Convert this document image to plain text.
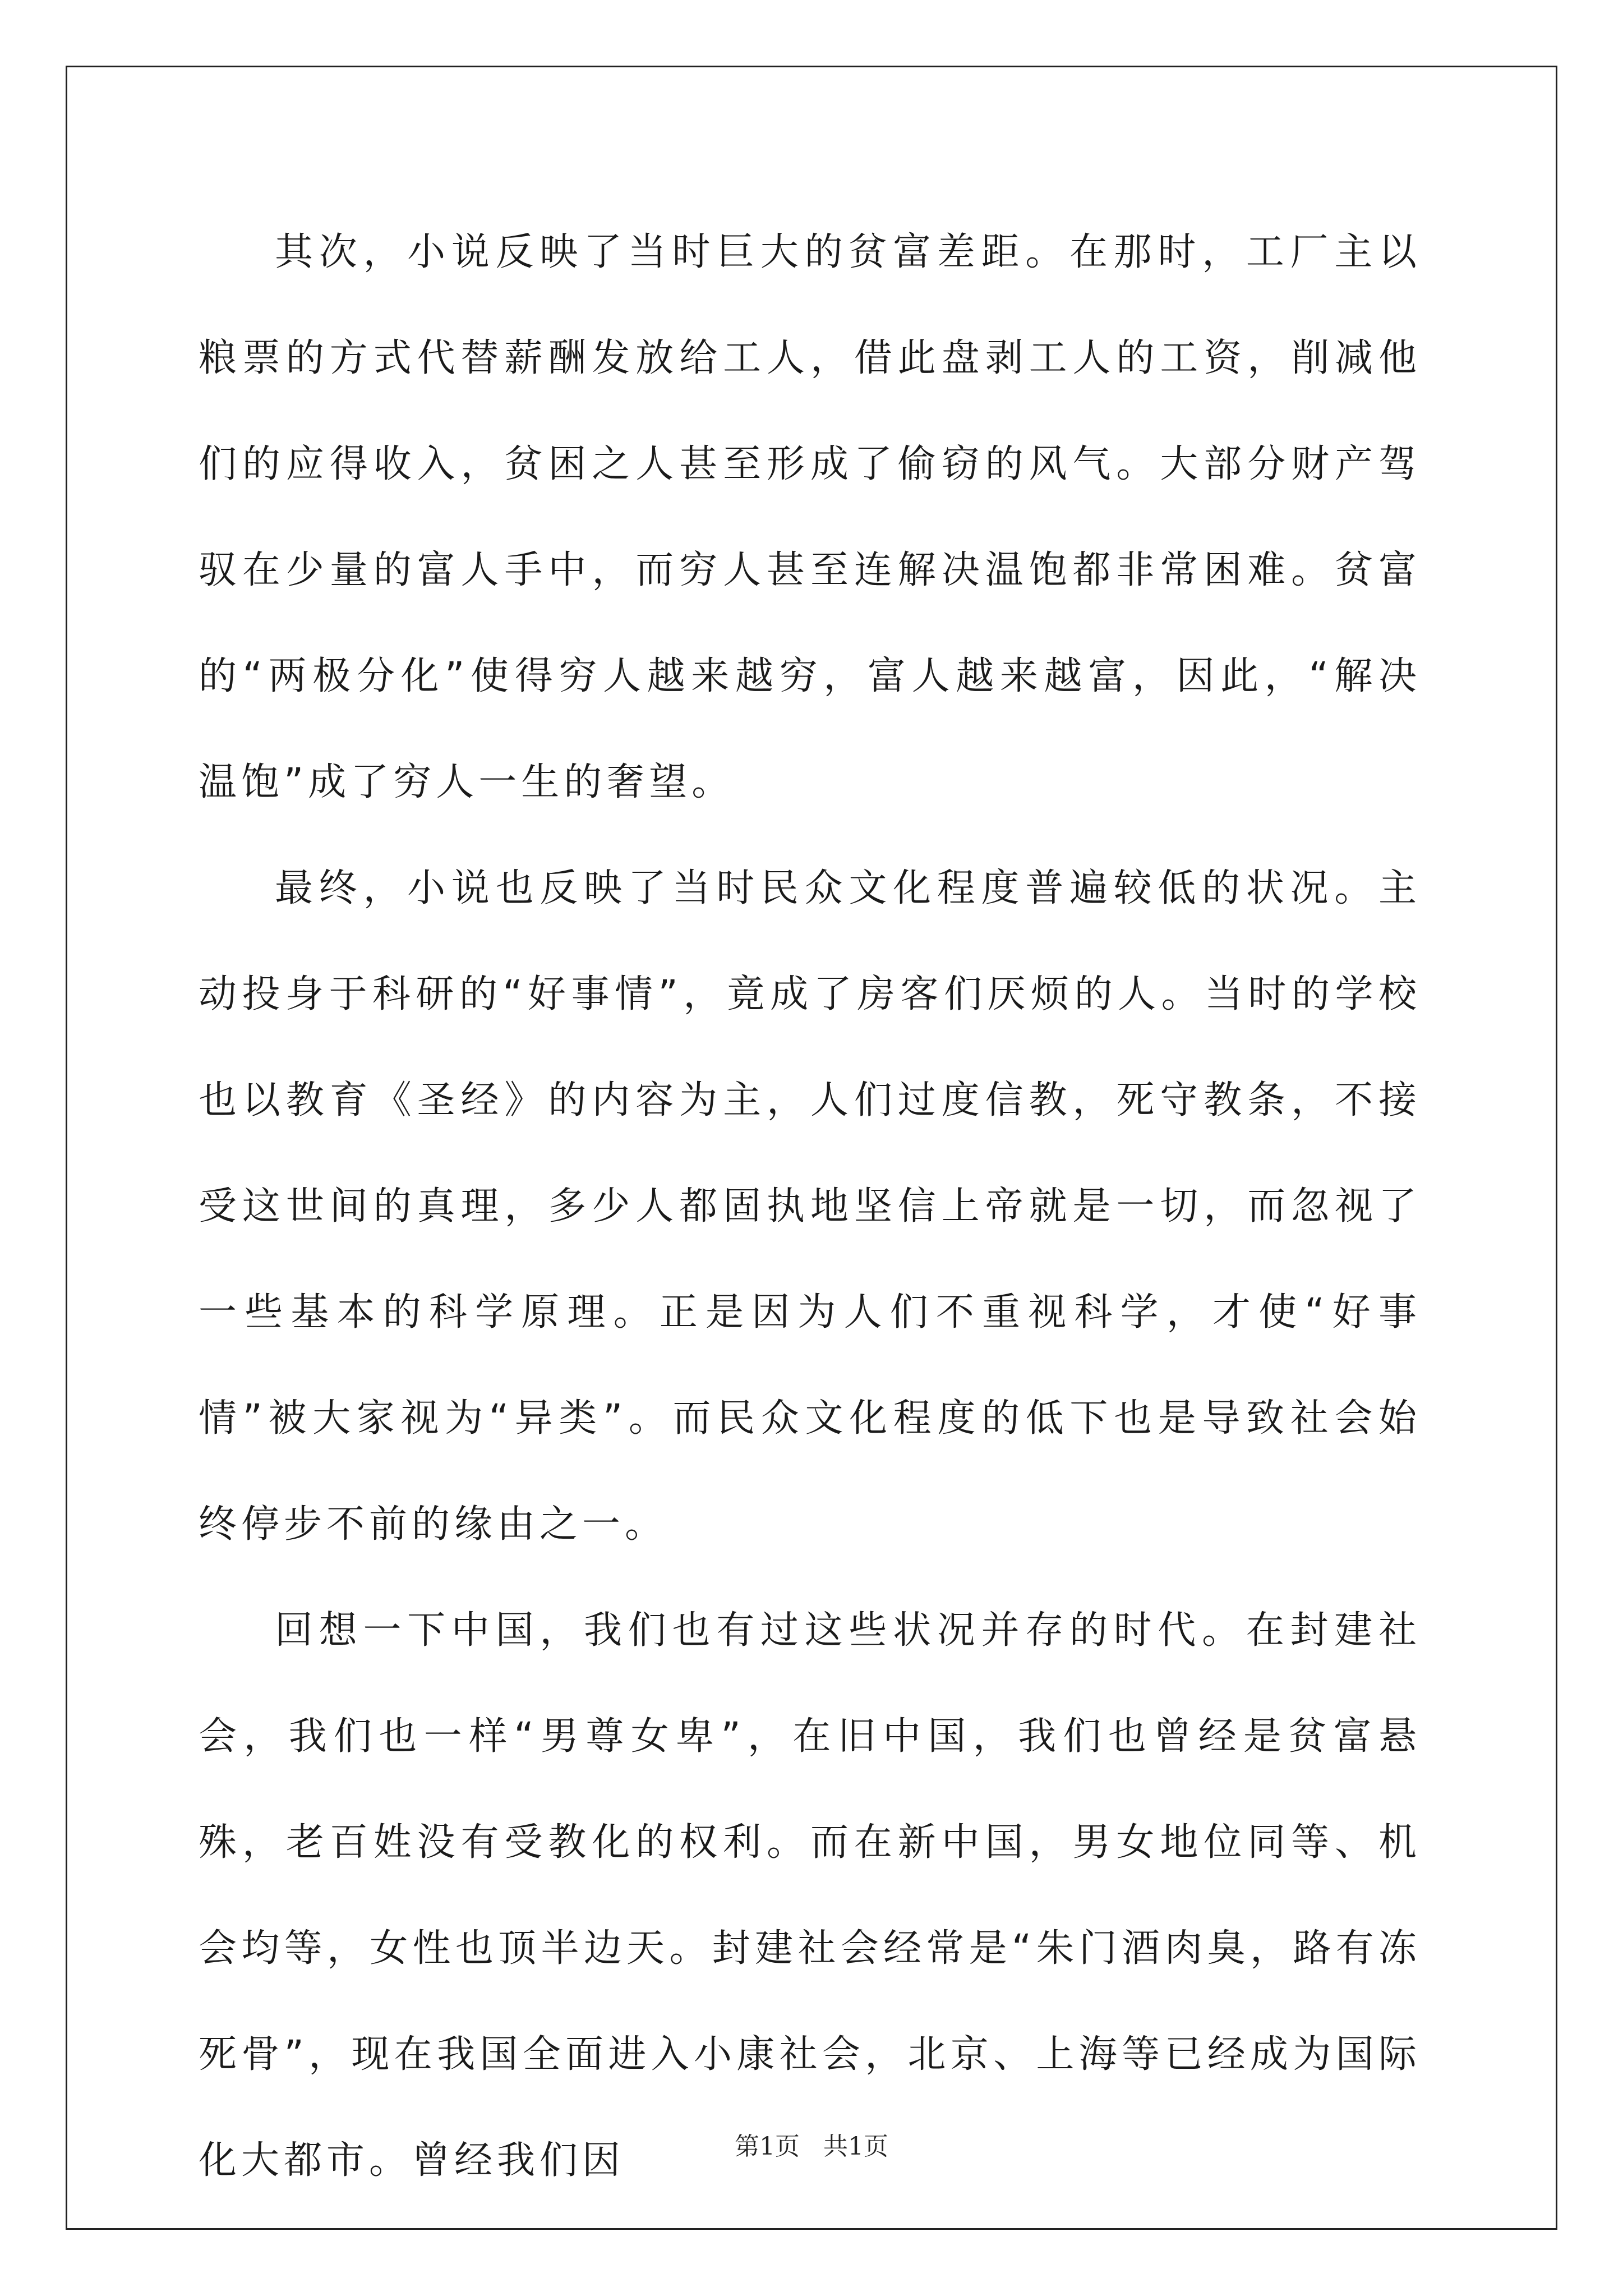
其次，小说反映了当时巨大的贫富差距。在那时，工厂主以粮票的方式代替薪酬发放给工人，借此盘剥工人的工资，削减他们的应得收入，贫困之人甚至形成了偷窃的风气。大部分财产驾驭在少量的富人手中，而穷人甚至连解决温饱都非常困难。贫富的“两极分化”使得穷人越来越穷，富人越来越富，因此，“解决温饱”成了穷人一生的奢望。

最终，小说也反映了当时民众文化程度普遍较低的状况。主动投身于科研的“好事情”，竟成了房客们厌烦的人。当时的学校也以教育《圣经》的内容为主，人们过度信教，死守教条，不接受这世间的真理，多少人都固执地坚信上帝就是一切，而忽视了一些基本的科学原理。正是因为人们不重视科学，才使“好事情”被大家视为“异类”。而民众文化程度的低下也是导致社会始终停步不前的缘由之一。

回想一下中国，我们也有过这些状况并存的时代。在封建社会，我们也一样“男尊女卑”，在旧中国，我们也曾经是贫富悬殊，老百姓没有受教化的权利。而在新中国，男女地位同等、机会均等，女性也顶半边天。封建社会经常是“朱门酒肉臭，路有冻死骨”，现在我国全面进入小康社会，北京、上海等已经成为国际化大都市。曾经我们因	第1页 共1页
